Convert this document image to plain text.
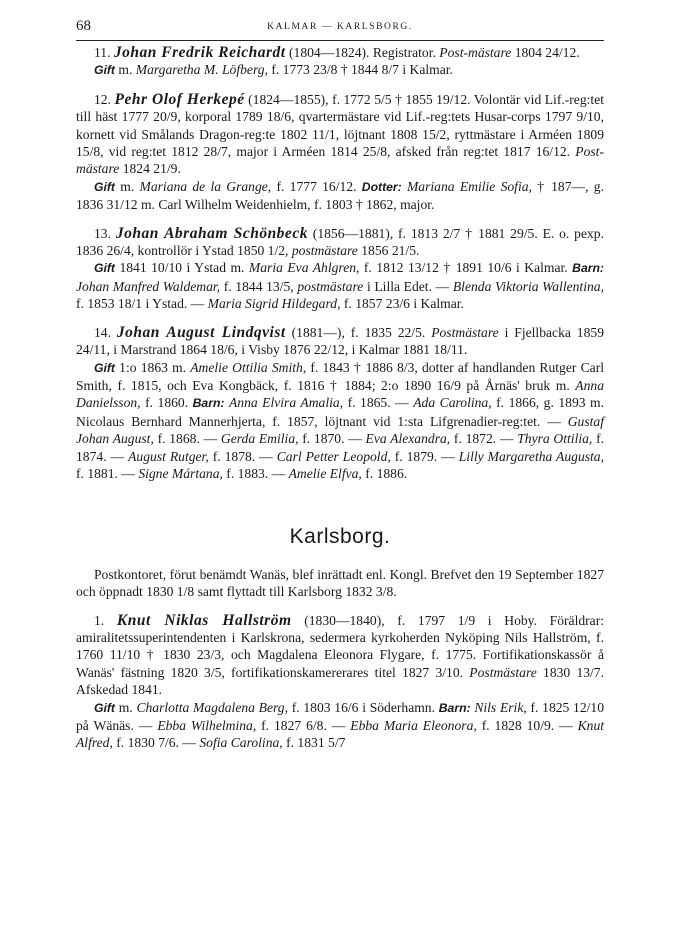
68	KALMAR — KARLSBORG.

11. Johan Fredrik Reichardt (1804—1824). Registrator. Post-mästare 1804 24/12.

Gift m. Margaretha M. Löfberg, f. 1773 23/8 † 1844 8/7 i Kalmar.

12. Pehr Olof Herkepé (1824—1855), f. 1772 5/5 † 1855 19/12. Volontär vid Lif.-reg:tet till häst 1777 20/9, korporal 1789 18/6, qvartermästare vid Lif.-reg:tets Husar-corps 1797 9/10, kornett vid Smålands Dragon-reg:te 1802 11/1, löjtnant 1808 15/2, ryttmästare i Arméen 1809 15/8, vid reg:tet 1812 28/7, major i Arméen 1814 25/8, afsked från reg:tet 1817 16/12. Post-mästare 1824 21/9.

Gift m. Mariana de la Grange, f. 1777 16/12. Dotter: Mariana Emilie Sofia, † 187—, g. 1836 31/12 m. Carl Wilhelm Weidenhielm, f. 1803 † 1862, major.

13. Johan Abraham Schönbeck (1856—1881), f. 1813 2/7 † 1881 29/5. E. o. pexp. 1836 26/4, kontrollör i Ystad 1850 1/2, postmästare 1856 21/5.

Gift 1841 10/10 i Ystad m. Maria Eva Ahlgren, f. 1812 13/12 † 1891 10/6 i Kalmar. Barn: Johan Manfred Waldemar, f. 1844 13/5, postmästare i Lilla Edet. — Blenda Viktoria Wallentina, f. 1853 18/1 i Ystad. — Maria Sigrid Hildegard, f. 1857 23/6 i Kalmar.

14. Johan August Lindqvist (1881—), f. 1835 22/5. Postmästare i Fjellbacka 1859 24/11, i Marstrand 1864 18/6, i Visby 1876 22/12, i Kalmar 1881 18/11.

Gift 1:o 1863 m. Amelie Ottilia Smith, f. 1843 † 1886 8/3, dotter af handlanden Rutger Carl Smith, f. 1815, och Eva Kongbäck, f. 1816 † 1884; 2:o 1890 16/9 på Årnäs' bruk m. Anna Danielsson, f. 1860. Barn: Anna Elvira Amalia, f. 1865. — Ada Carolina, f. 1866, g. 1893 m. Nicolaus Bernhard Mannerhjerta, f. 1857, löjtnant vid 1:sta Lifgrenadier-reg:tet. — Gustaf Johan August, f. 1868. — Gerda Emilia, f. 1870. — Eva Alexandra, f. 1872. — Thyra Ottilia, f. 1874. — August Rutger, f. 1878. — Carl Petter Leopold, f. 1879. — Lilly Margaretha Augusta, f. 1881. — Signe Mártana, f. 1883. — Amelie Elfva, f. 1886.

Karlsborg.

Postkontoret, förut benämdt Wanäs, blef inrättadt enl. Kongl. Brefvet den 19 September 1827 och öppnadt 1830 1/8 samt flyttadt till Karlsborg 1832 3/8.

1. Knut Niklas Hallström (1830—1840), f. 1797 1/9 i Hoby. Föräldrar: amiralitetssuperintendenten i Karlskrona, sedermera kyrkoherden Nyköping Nils Hallström, f. 1760 11/10 † 1830 23/3, och Magdalena Eleonora Flygare, f. 1775. Fortifikationskassör å Wanäs' fästning 1820 3/5, fortifikationskamererares titel 1827 3/10. Postmästare 1830 13/7. Afskedad 1841.

Gift m. Charlotta Magdalena Berg, f. 1803 16/6 i Söderhamn. Barn: Nils Erik, f. 1825 12/10 på Wänäs. — Ebba Wilhelmina, f. 1827 6/8. — Ebba Maria Eleonora, f. 1828 10/9. — Knut Alfred, f. 1830 7/6. — Sofia Carolina, f. 1831 5/7
